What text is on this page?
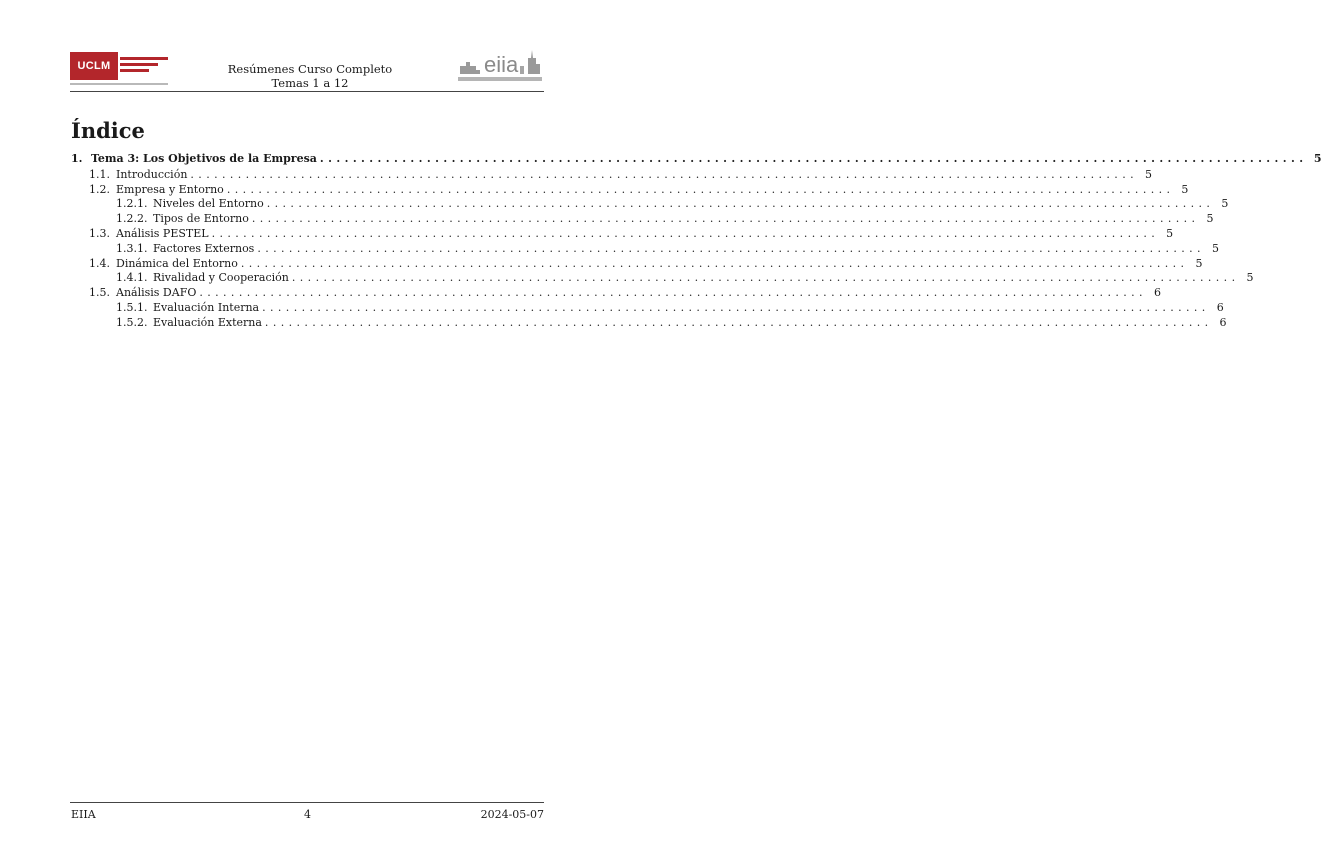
UCLM	Resúmenes Curso Completo
Temas 1 a 12
eiia
Índice
1. Tema 3: Los Objetivos de la Empresa ........................................................................................................................ 5
1.1. Introducción ........................................................................................................................ 5
1.2. Empresa y Entorno ........................................................................................................................ 5
1.2.1. Niveles del Entorno ........................................................................................................................ 5
1.2.2. Tipos de Entorno ........................................................................................................................ 5
1.3. Análisis PESTEL ........................................................................................................................ 5
1.3.1. Factores Externos ........................................................................................................................ 5
1.4. Dinámica del Entorno ........................................................................................................................ 5
1.4.1. Rivalidad y Cooperación ........................................................................................................................ 5
1.5. Análisis DAFO ........................................................................................................................ 6
1.5.1. Evaluación Interna ........................................................................................................................ 6
1.5.2. Evaluación Externa ........................................................................................................................ 6
EIIA	4	2024-05-07
